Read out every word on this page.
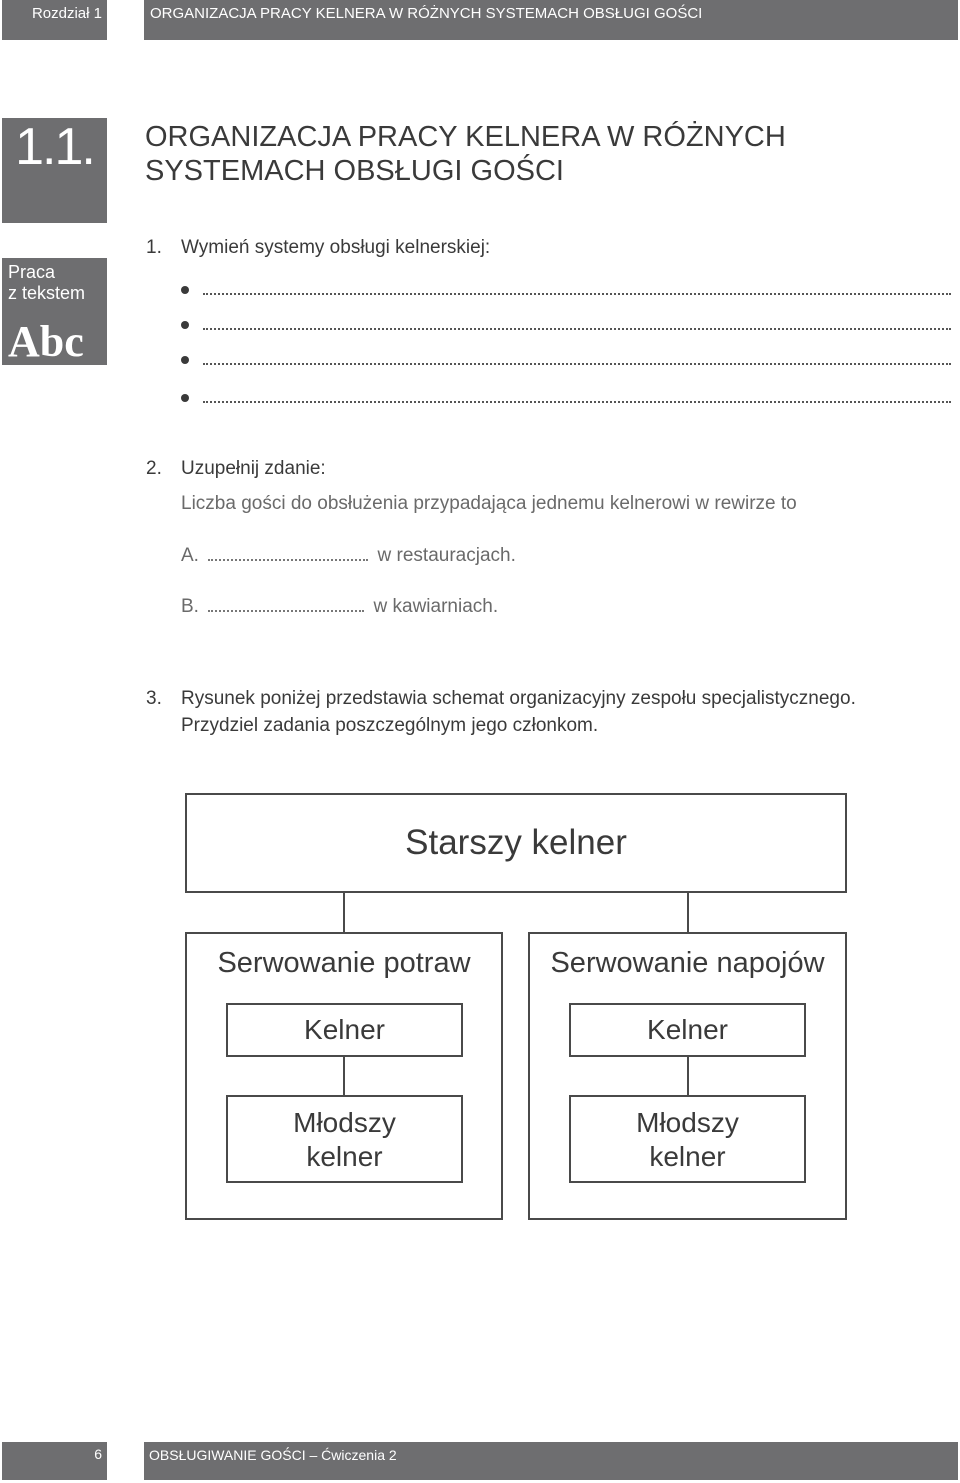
Rozdział 1	ORGANIZACJA PRACY KELNERA W RÓŻNYCH SYSTEMACH OBSŁUGI GOŚCI
1.1.	ORGANIZACJA PRACY KELNERA W RÓŻNYCH
SYSTEMACH OBSŁUGI GOŚCI
Praca
z tekstem
Abc
1. Wymień systemy obsługi kelnerskiej:
2. Uzupełnij zdanie:
Liczba gości do obsłużenia przypadająca jednemu kelnerowi w rewirze to
A.	w restauracjach.
B.	w kawiarniach.
3. Rysunek poniżej przedstawia schemat organizacyjny zespołu specjalistycznego.
Przydziel zadania poszczególnym jego członkom.
Starszy kelner
Serwowanie potraw	Serwowanie napojów
Kelner	Kelner
Młodszy
kelner
Młodszy
kelner
6	OBSŁUGIWANIE GOŚCI – Ćwiczenia 2
